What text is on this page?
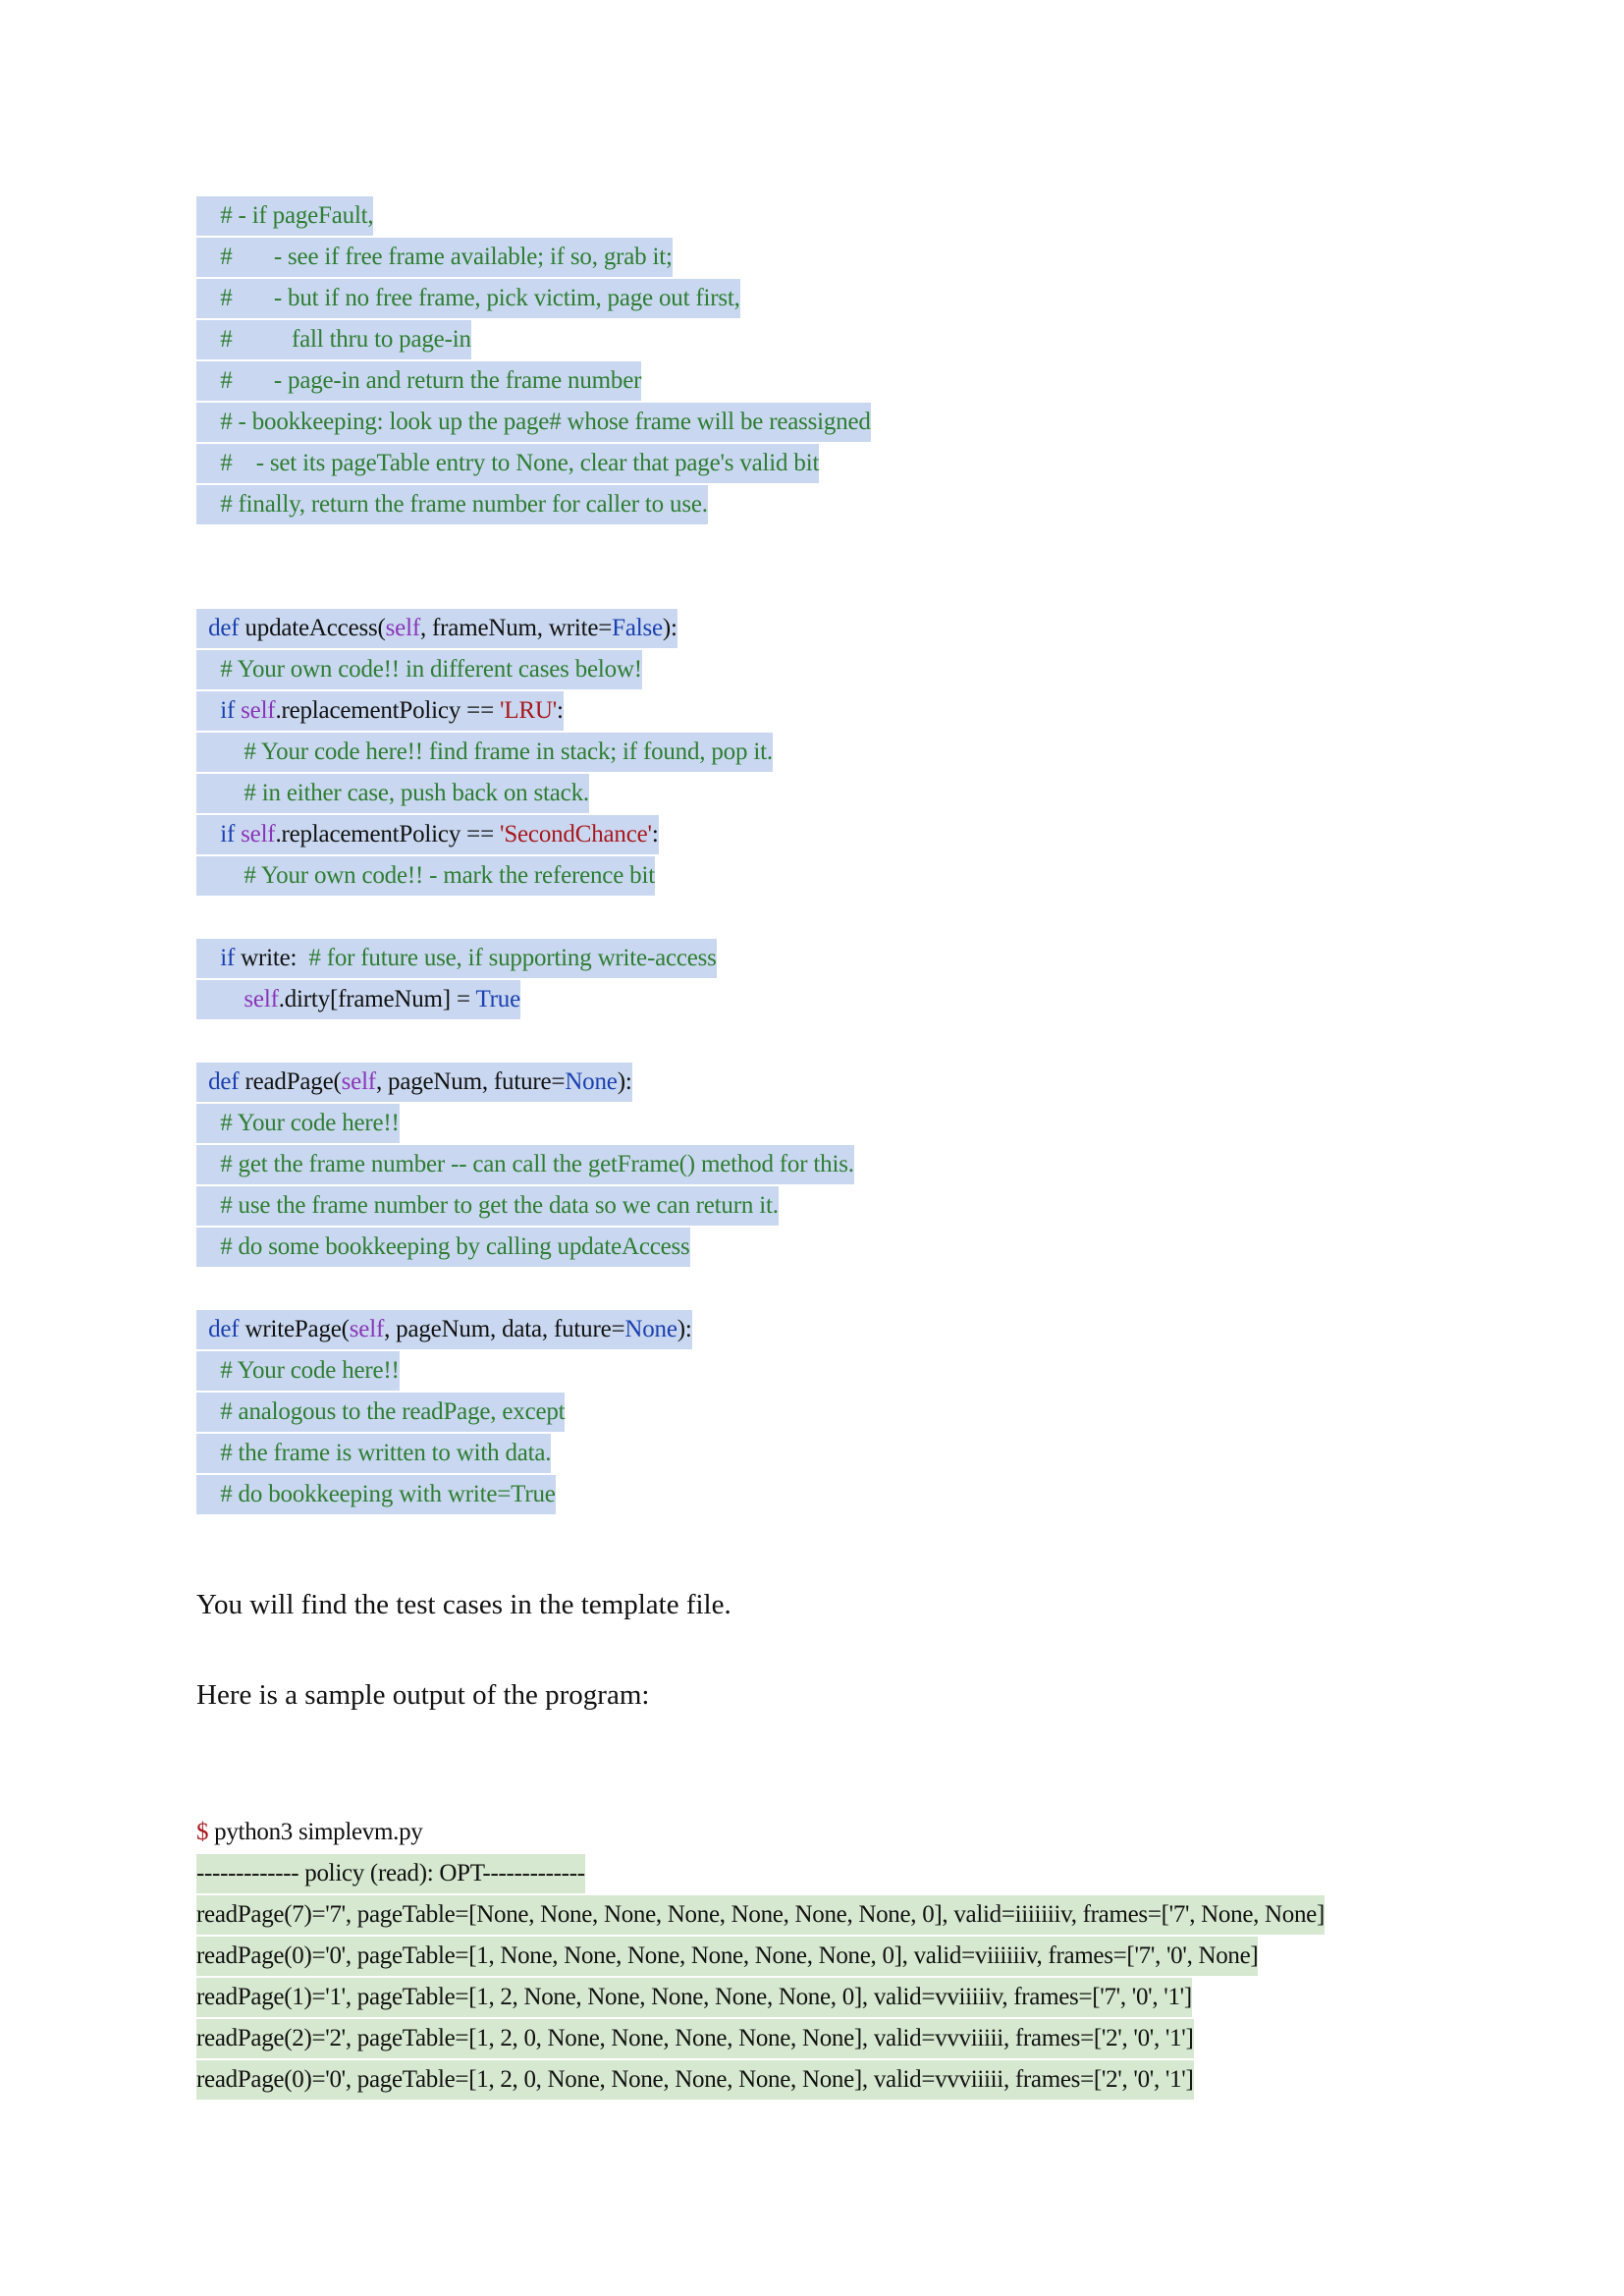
# - if pageFault,
#       - see if free frame available; if so, grab it;
#       - but if no free frame, pick victim, page out first,
#          fall thru to page-in
#       - page-in and return the frame number
# - bookkeeping: look up the page# whose frame will be reassigned
#    - set its pageTable entry to None, clear that page's valid bit
# finally, return the frame number for caller to use.
def updateAccess(self, frameNum, write=False):
# Your own code!! in different cases below!
if self.replacementPolicy == 'LRU':
# Your code here!! find frame in stack; if found, pop it.
# in either case, push back on stack.
if self.replacementPolicy == 'SecondChance':
# Your own code!! - mark the reference bit
if write:  # for future use, if supporting write-access
self.dirty[frameNum] = True
def readPage(self, pageNum, future=None):
# Your code here!!
# get the frame number -- can call the getFrame() method for this.
# use the frame number to get the data so we can return it.
# do some bookkeeping by calling updateAccess
def writePage(self, pageNum, data, future=None):
# Your code here!!
# analogous to the readPage, except
# the frame is written to with data.
# do bookkeeping with write=True
You will find the test cases in the template file.
Here is a sample output of the program:
$ python3 simplevm.py
------------- policy (read): OPT-------------
readPage(7)='7', pageTable=[None, None, None, None, None, None, None, 0], valid=iiiiiiiv, frames=['7', None, None]
readPage(0)='0', pageTable=[1, None, None, None, None, None, None, 0], valid=viiiiiiv, frames=['7', '0', None]
readPage(1)='1', pageTable=[1, 2, None, None, None, None, None, 0], valid=vviiiiiv, frames=['7', '0', '1']
readPage(2)='2', pageTable=[1, 2, 0, None, None, None, None, None], valid=vvviiiii, frames=['2', '0', '1']
readPage(0)='0', pageTable=[1, 2, 0, None, None, None, None, None], valid=vvviiiii, frames=['2', '0', '1']
